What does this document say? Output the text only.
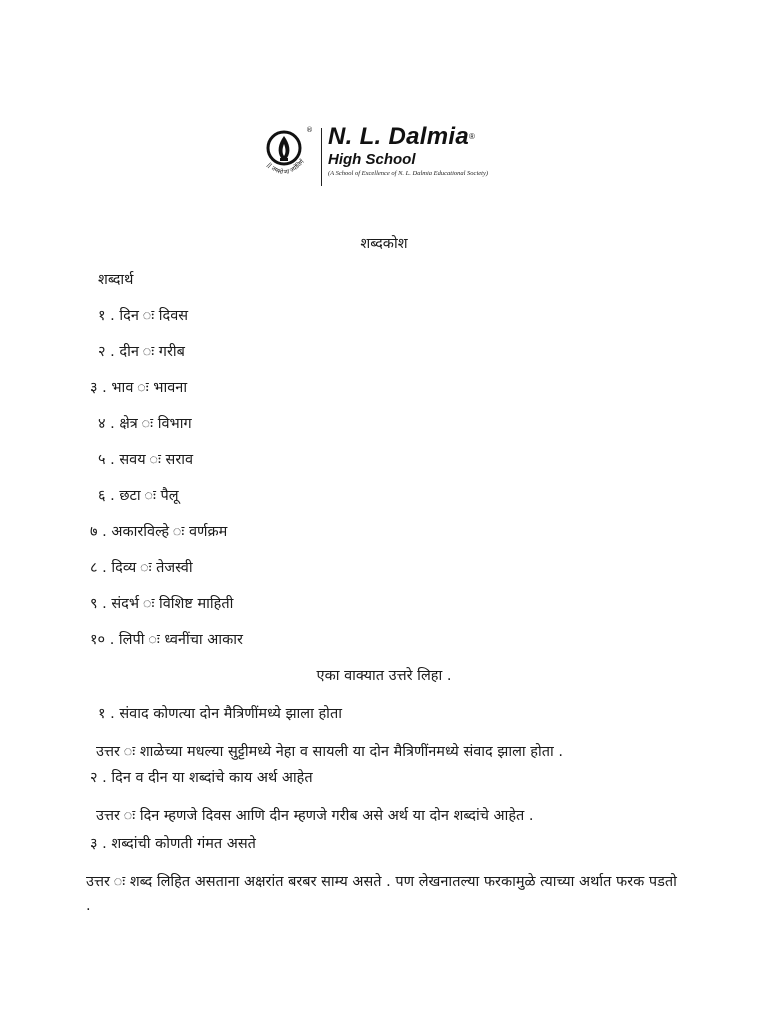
|| तमसो मा ज्योतिर्ग
® N. L. Dalmia®
High School
(A School of Excellence of N. L. Dalmia Educational Society)
शब्दकोश
शब्दार्थ
१ . दिन ः दिवस
२ . दीन ः गरीब
३ . भाव ः भावना
४ . क्षेत्र ः विभाग
५ . सवय ः सराव
६ . छटा ः पैलू
७ . अकारविल्हे ः वर्णक्रम
८ . दिव्य ः तेजस्वी
९ . संदर्भ ः विशिष्ट माहिती
१० . लिपी ः ध्वनींचा आकार
एका वाक्यात उत्तरे लिहा .
१ . संवाद कोणत्या दोन मैत्रिणींमध्ये झाला होता
उत्तर ः शाळेच्या मधल्या सुट्टीमध्ये नेहा व सायली या दोन मैत्रिणींनमध्ये संवाद झाला होता .
२ . दिन व दीन या शब्दांचे काय अर्थ आहेत
उत्तर ः दिन म्हणजे दिवस आणि दीन म्हणजे गरीब असे अर्थ या दोन शब्दांचे आहेत .
३ . शब्दांची कोणती गंमत असते
उत्तर ः शब्द लिहित असताना अक्षरांत बरबर साम्य असते . पण लेखनातल्या फरकामुळे त्याच्या अर्थात फरक पडतो .
